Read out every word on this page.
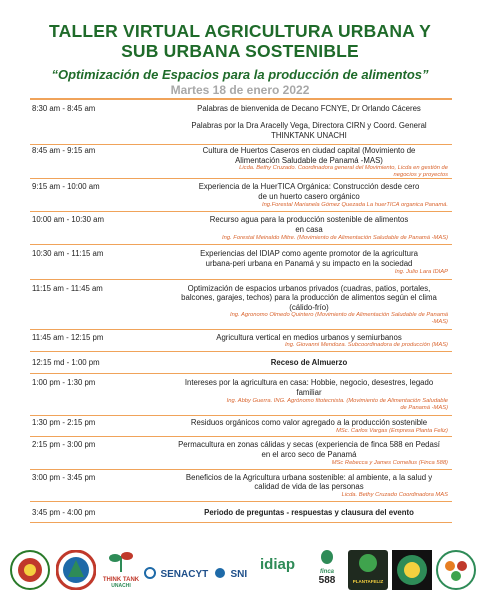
TALLER VIRTUAL AGRICULTURA URBANA Y
SUB URBANA SOSTENIBLE
“Optimización de Espacios para la producción de alimentos”
Martes 18 de enero 2022
8:30 am - 8:45 am	Palabras de bienvenida de Decano FCNYE, Dr Orlando Cáceres
Palabras por la Dra Aracelly Vega, Directora CIRN y Coord. General
THINKTANK UNACHI
8:45 am - 9:15 am	Cultura de Huertos Caseros en ciudad capital (Movimiento de
Alimentación Saludable de Panamá -MAS)
Licda. Bethy Cruzado. Coordinadora general del Movimiento, Licda en gestión de
negocios y proyectos
9:15 am - 10:00 am	Experiencia de la HuerTICA Orgánica: Construcción desde cero
de un huerto casero orgánico
Ing.Forestal Marianela Gómez Quezada La huerTICA organica Panamá.
10:00 am - 10:30 am	Recurso agua para la producción sostenible de alimentos
en casa
Ing. Forestal Meinaldo Mitre. (Movimiento de Alimentación Saludable de Panamá -MAS)
10:30 am - 11:15 am	Experiencias del IDIAP como agente promotor de la agricultura
urbana-peri urbana en Panamá y su impacto en la sociedad
Ing. Julio Lara IDIAP
11:15 am - 11:45 am	Optimización de espacios urbanos privados (cuadras, patios, portales,
balcones, garajes, techos) para la producción de alimentos según el clima
(cálido-frío)
Ing. Agronomo Olmedo Quintero (Movimiento de Alimentación Saludable de Panamá
-MAS)
11:45 am - 12:15 pm	Agricultura vertical en medios urbanos y semiurbanos
Ing. Giovanni Mendoza. Subcoordinadora de producción (MAS)
12:15 md - 1:00 pm	Receso de Almuerzo
1:00 pm - 1:30 pm	Intereses por la agricultura en casa: Hobbie, negocio, desestres, legado
familiar
Ing. Abby Guerra. ING. Agrónomo fitotecnista. (Movimiento de Alimentación Saludable
de Panamá -MAS)
1:30 pm - 2:15 pm	Residuos orgánicos como valor agregado a la producción sostenible
MSc. Carlos Vargas (Empresa Planta Feliz)
2:15 pm - 3:00 pm	Permacultura en zonas cálidas y secas (experiencia de finca 588 en Pedasí
en el arco seco de Panamá
MSc Rebecca y James Cornelius (Finca 588)
3:00 pm - 3:45 pm	Beneficios de la Agricultura urbana sostenible: al ambiente, a la salud y
calidad de vida de las personas
Licda. Bethy Cruzado Coordinadora MAS
3:45 pm - 4:00 pm	Periodo de preguntas - respuestas y clausura del evento
THINK TANK
UNACHI
SENACYT	SNI
idiap	finca
588	PLANTAFELIZ
